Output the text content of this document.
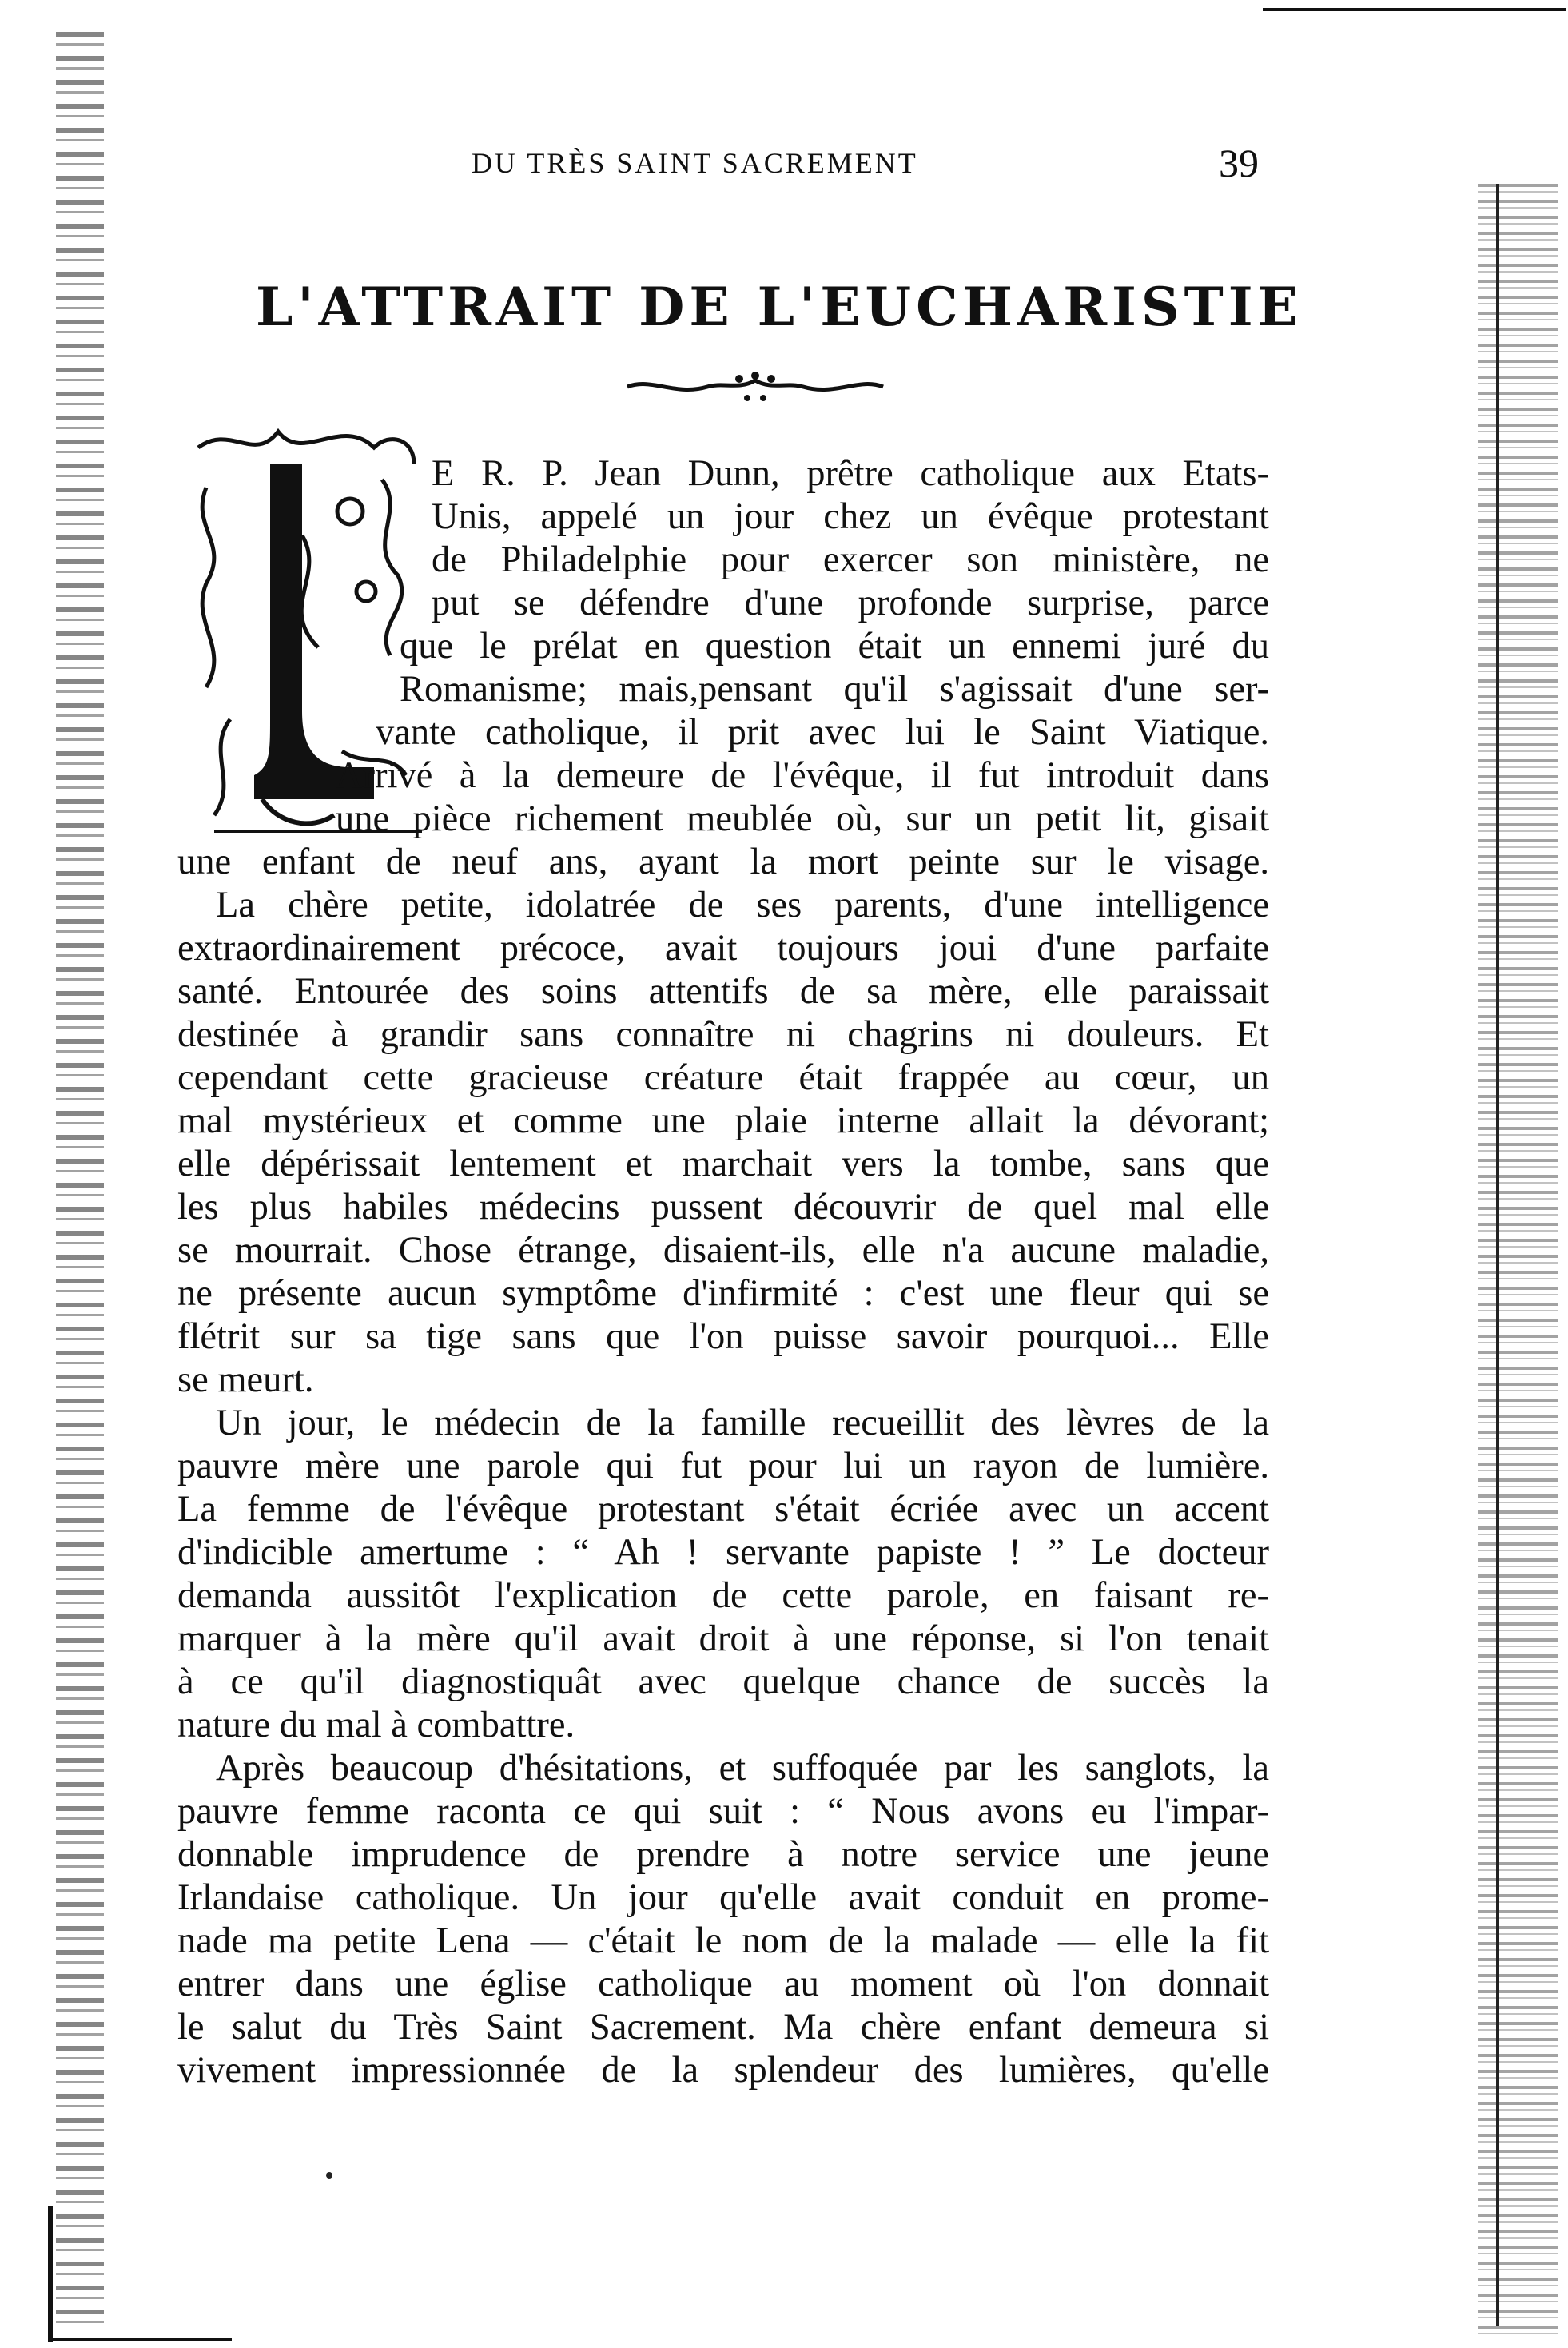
DU TRÈS SAINT SACREMENT	39
L'ATTRAIT DE L'EUCHARISTIE
E R. P. Jean Dunn, prêtre catholique aux Etats-
Unis, appelé un jour chez un évêque protestant
de Philadelphie pour exercer son ministère, ne
put se défendre d'une profonde surprise, parce
que le prélat en question était un ennemi juré du
Romanisme; mais,pensant qu'il s'agissait d'une ser-
vante catholique, il prit avec lui le Saint Viatique.
Arrivé à la demeure de l'évêque, il fut introduit dans
une pièce richement meublée où, sur un petit lit, gisait
une enfant de neuf ans, ayant la mort peinte sur le visage.
La chère petite, idolatrée de ses parents, d'une intelligence
extraordinairement précoce, avait toujours joui d'une parfaite
santé. Entourée des soins attentifs de sa mère, elle paraissait
destinée à grandir sans connaître ni chagrins ni douleurs. Et
cependant cette gracieuse créature était frappée au cœur, un
mal mystérieux et comme une plaie interne allait la dévorant;
elle dépérissait lentement et marchait vers la tombe, sans que
les plus habiles médecins pussent découvrir de quel mal elle
se mourrait. Chose étrange, disaient-ils, elle n'a aucune maladie,
ne présente aucun symptôme d'infirmité : c'est une fleur qui se
flétrit sur sa tige sans que l'on puisse savoir pourquoi... Elle
se meurt.
Un jour, le médecin de la famille recueillit des lèvres de la
pauvre mère une parole qui fut pour lui un rayon de lumière.
La femme de l'évêque protestant s'était écriée avec un accent
d'indicible amertume : “ Ah ! servante papiste ! ” Le docteur
demanda aussitôt l'explication de cette parole, en faisant re-
marquer à la mère qu'il avait droit à une réponse, si l'on tenait
à ce qu'il diagnostiquât avec quelque chance de succès la
nature du mal à combattre.
Après beaucoup d'hésitations, et suffoquée par les sanglots, la
pauvre femme raconta ce qui suit : “ Nous avons eu l'impar-
donnable imprudence de prendre à notre service une jeune
Irlandaise catholique. Un jour qu'elle avait conduit en prome-
nade ma petite Lena — c'était le nom de la malade — elle la fit
entrer dans une église catholique au moment où l'on donnait
le salut du Très Saint Sacrement. Ma chère enfant demeura si
vivement impressionnée de la splendeur des lumières, qu'elle
